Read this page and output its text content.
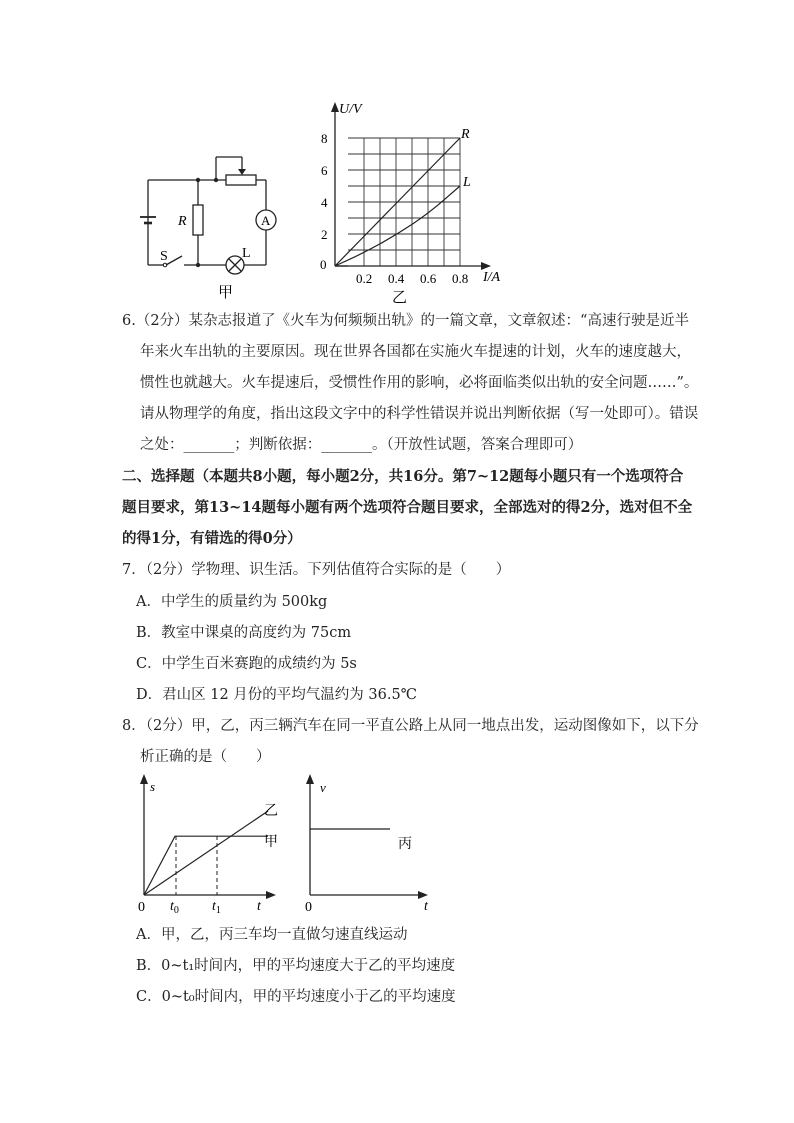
R
L
S
A
甲
U/V
I/A
0
2
4
6
8
0.2 0.4 0.6 0.8
R
L
乙
6.（2分）某杂志报道了《火车为何频频出轨》的一篇文章，文章叙述：“高速行驶是近半
年来火车出轨的主要原因。现在世界各国都在实施火车提速的计划，火车的速度越大，
惯性也就越大。火车提速后，受惯性作用的影响，必将面临类似出轨的安全问题……”。
请从物理学的角度，指出这段文字中的科学性错误并说出判断依据（写一处即可）。错误
之处：_______；判断依据：_______。（开放性试题，答案合理即可）
二、选择题（本题共8小题，每小题2分，共16分。第7~12题每小题只有一个选项符合
题目要求，第13~14题每小题有两个选项符合题目要求，全部选对的得2分，选对但不全
的得1分，有错选的得0分）
7．（2分）学物理、识生活。下列估值符合实际的是（　　）
A．中学生的质量约为 500kg
B．教室中课桌的高度约为 75cm
C．中学生百米赛跑的成绩约为 5s
D．君山区 12 月份的平均气温约为 36.5℃
8．（2分）甲，乙，丙三辆汽车在同一平直公路上从同一地点出发，运动图像如下，以下分
析正确的是（　　）
s
t
0 $t_0$ $t_1$
乙
甲
v
t
0
丙
A．甲，乙，丙三车均一直做匀速直线运动
B．0~t₁时间内，甲的平均速度大于乙的平均速度
C．0~t₀时间内，甲的平均速度小于乙的平均速度
